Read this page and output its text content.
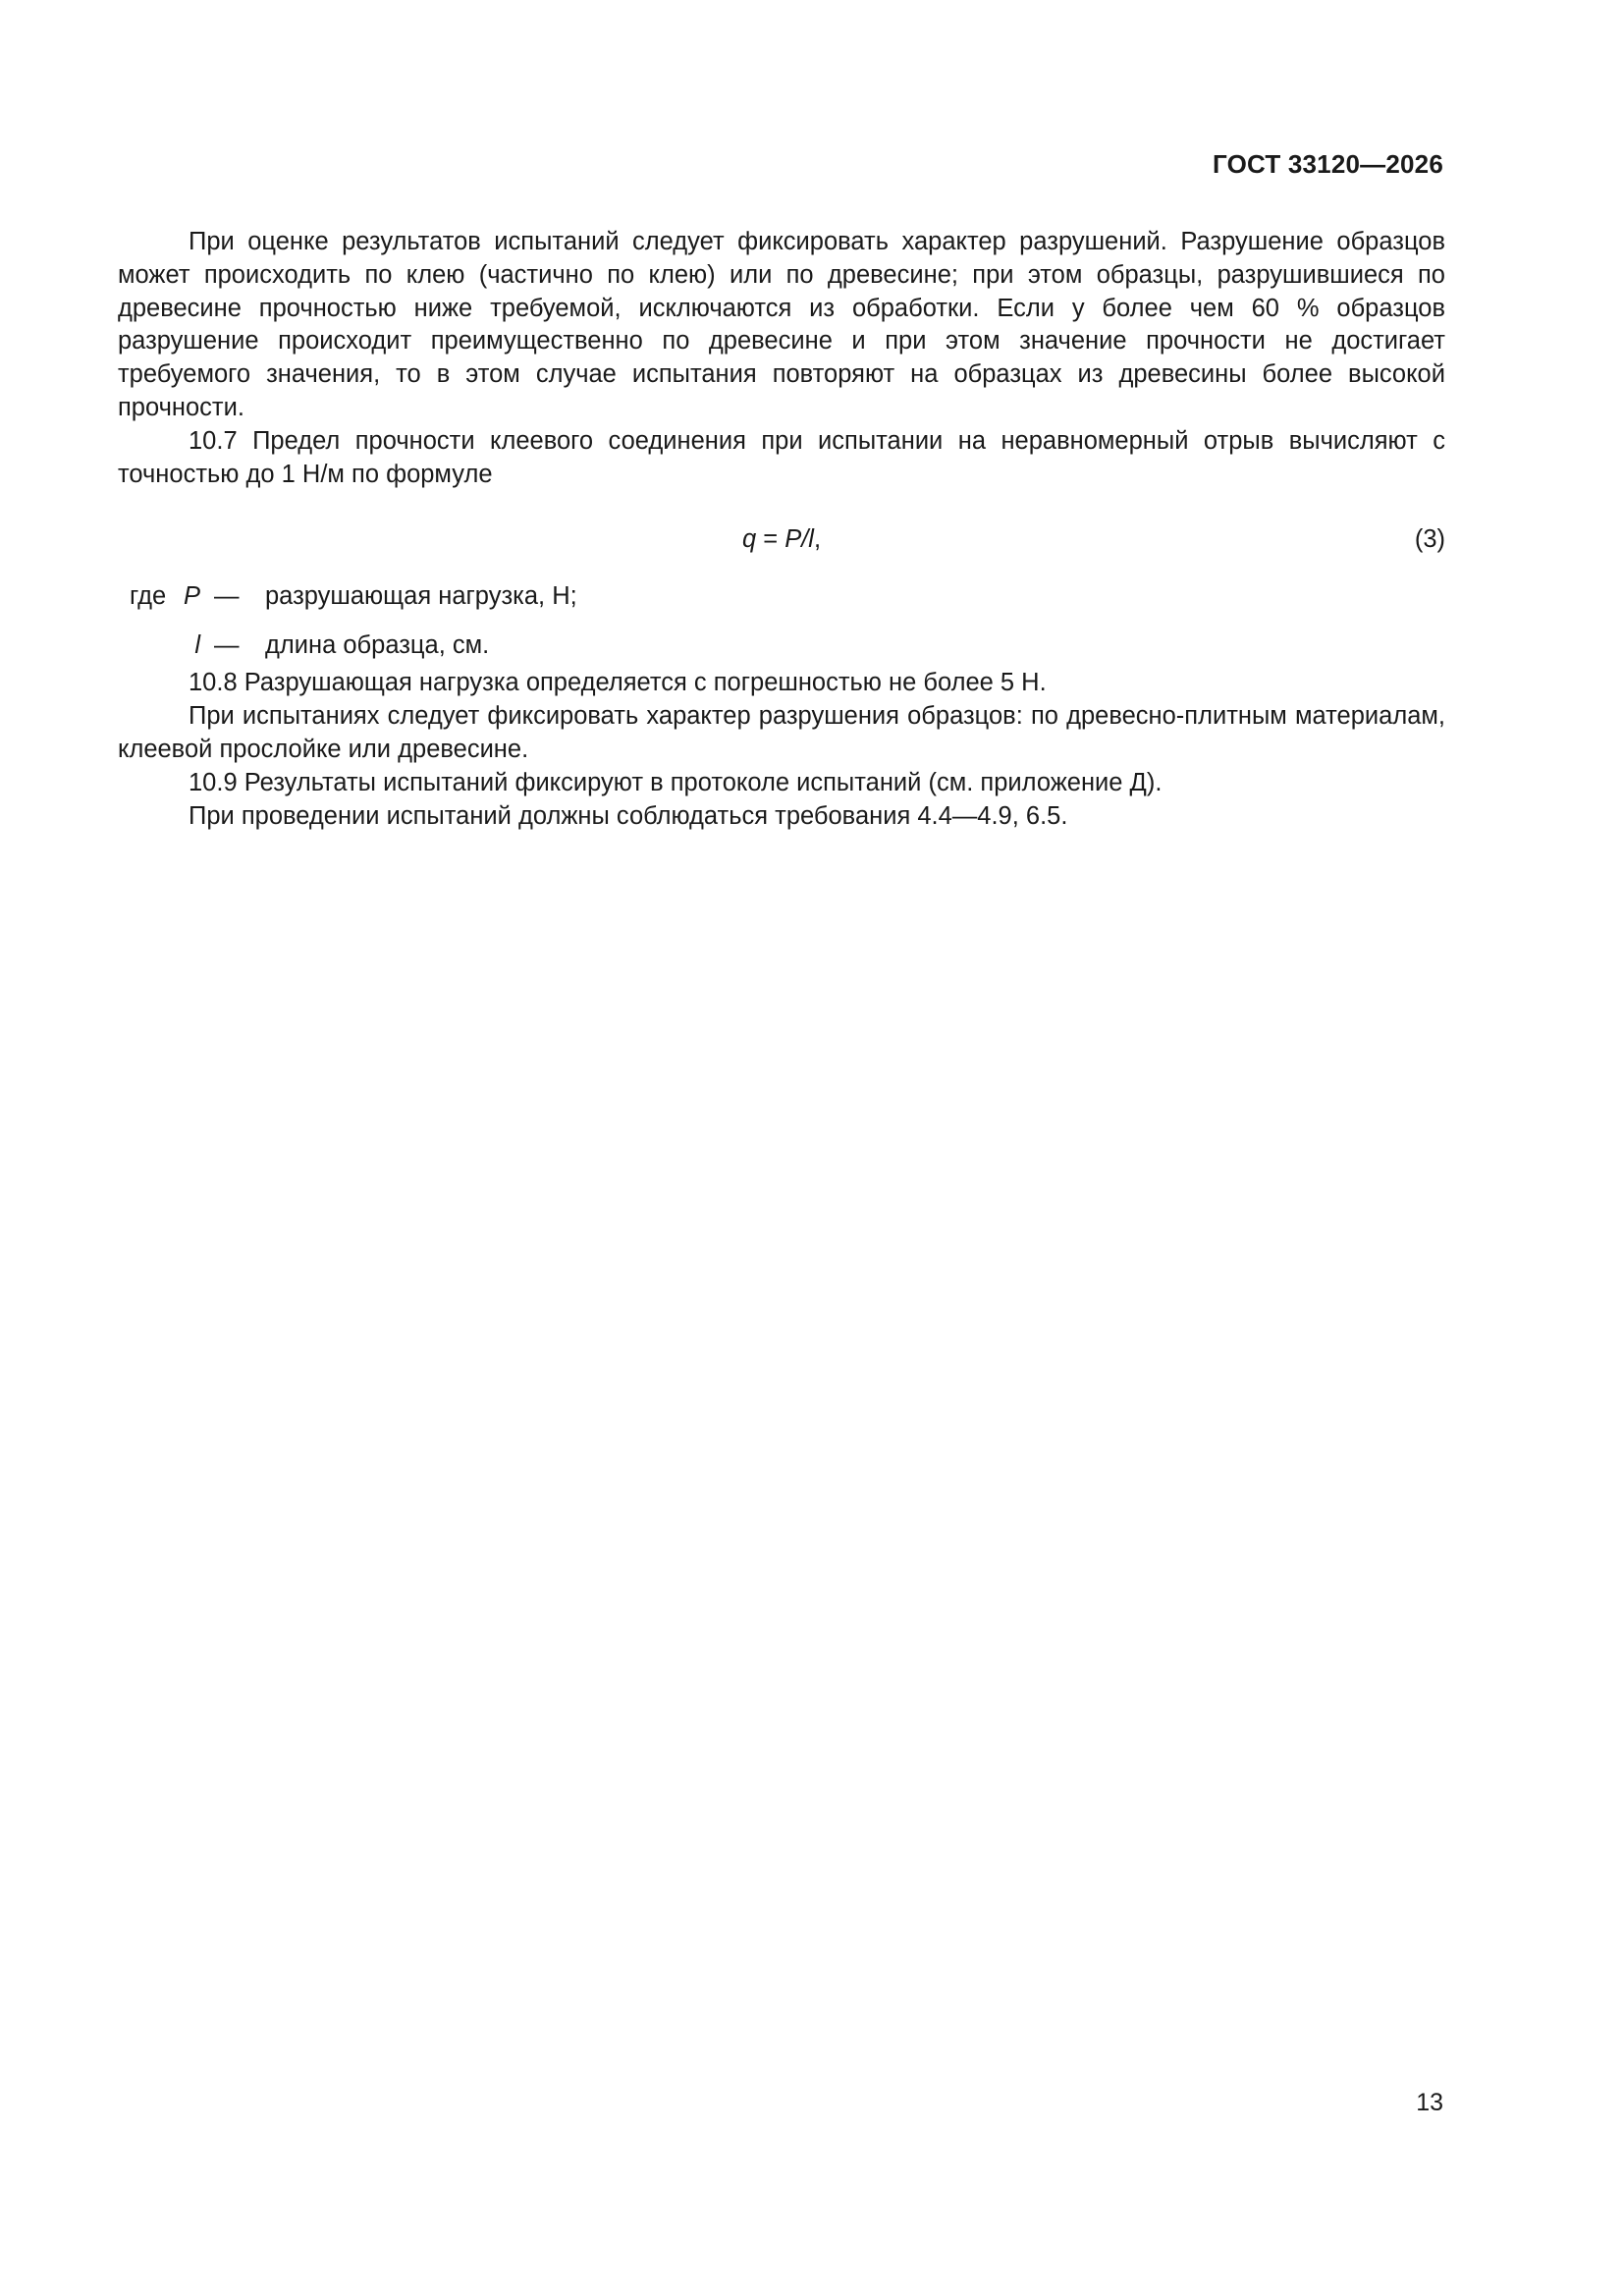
ГОСТ 33120—2026

При оценке результатов испытаний следует фиксировать характер разрушений. Разрушение образцов может происходить по клею (частично по клею) или по древесине; при этом образцы, разрушившиеся по древесине прочностью ниже требуемой, исключаются из обработки. Если у более чем 60 % образцов разрушение происходит преимущественно по древесине и при этом значение прочности не достигает требуемого значения, то в этом случае испытания повторяют на образцах из древесины более высокой прочности.

10.7 Предел прочности клеевого соединения при испытании на неравномерный отрыв вычисляют с точностью до 1 Н/м по формуле

q = P/l,	(3)
где P — разрушающая нагрузка, Н;
l — длина образца, см.

10.8 Разрушающая нагрузка определяется с погрешностью не более 5 Н.

При испытаниях следует фиксировать характер разрушения образцов: по древесно-плитным материалам, клеевой прослойке или древесине.

10.9 Результаты испытаний фиксируют в протоколе испытаний (см. приложение Д).

При проведении испытаний должны соблюдаться требования 4.4—4.9, 6.5.

13
